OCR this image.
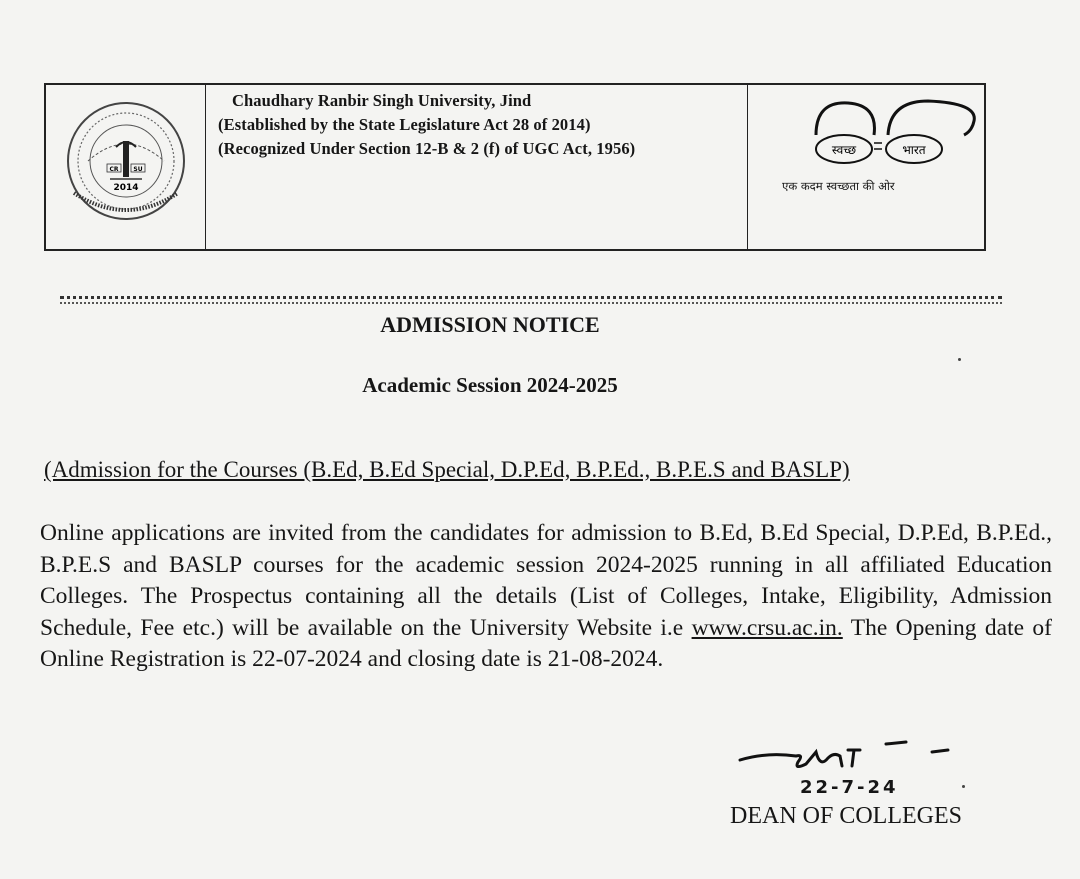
CR SU
2014
Chaudhary Ranbir Singh University, Jind
(Established by the State Legislature Act 28 of 2014)
(Recognized Under Section 12-B & 2 (f) of UGC Act, 1956)	स्वच्छ	भारत
एक कदम स्वच्छता की ओर
ADMISSION NOTICE
Academic Session 2024-2025
(Admission for the Courses (B.Ed, B.Ed Special, D.P.Ed, B.P.Ed., B.P.E.S and BASLP)
Online applications are invited from the candidates for admission to B.Ed, B.Ed Special, D.P.Ed, B.P.Ed., B.P.E.S and BASLP courses for the academic session 2024-2025 running in all affiliated Education Colleges. The Prospectus containing all the details (List of Colleges, Intake, Eligibility, Admission Schedule, Fee etc.) will be available on the University Website i.e www.crsu.ac.in. The Opening date of Online Registration is 22-07-2024 and closing date is 21-08-2024.
22-7-24
DEAN OF COLLEGES
